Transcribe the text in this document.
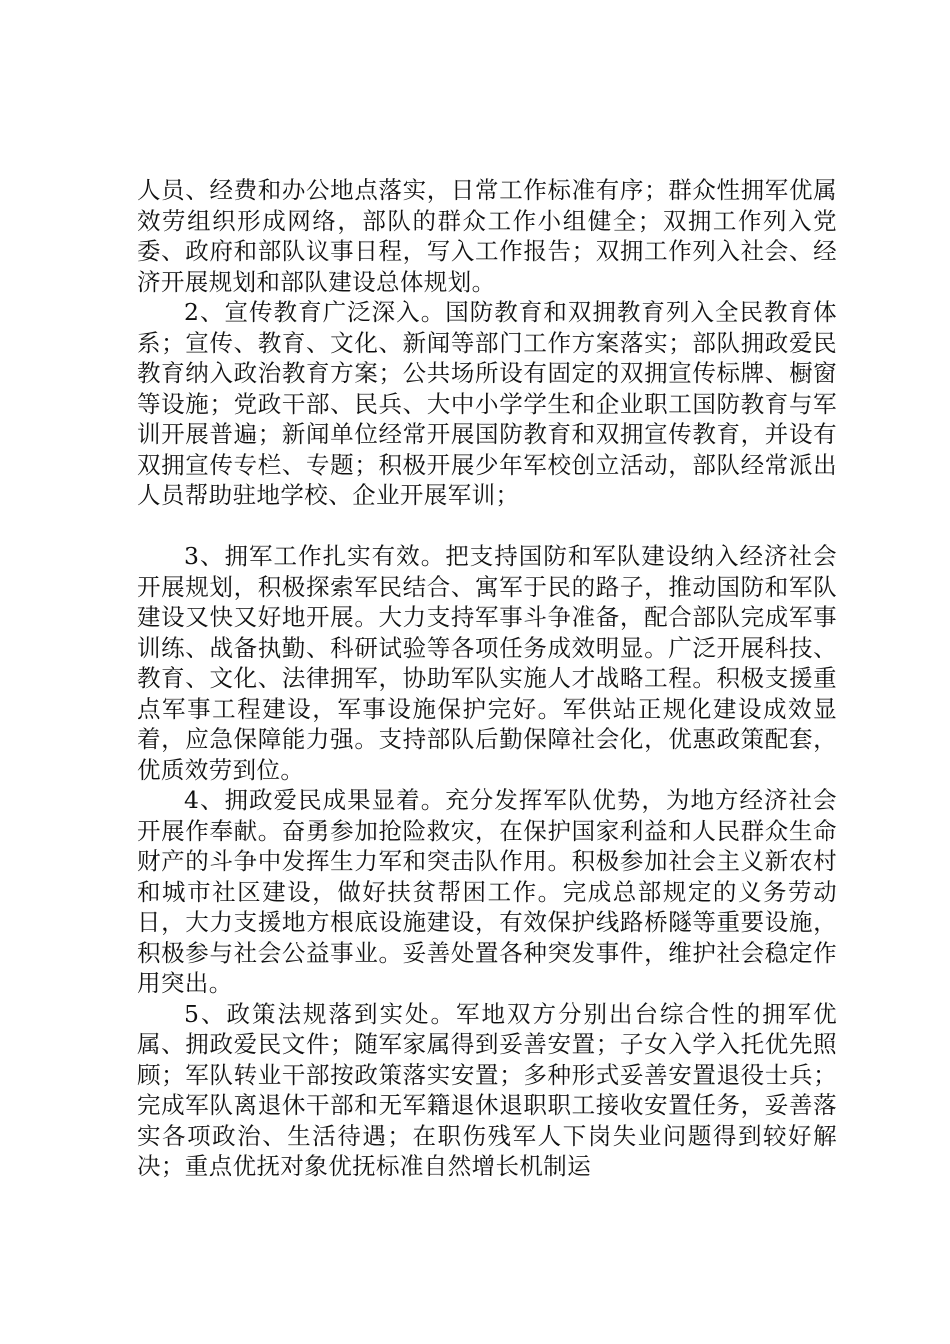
人员、经费和办公地点落实，日常工作标准有序；群众性拥军优属效劳组织形成网络，部队的群众工作小组健全；双拥工作列入党委、政府和部队议事日程，写入工作报告；双拥工作列入社会、经济开展规划和部队建设总体规划。

2、宣传教育广泛深入。国防教育和双拥教育列入全民教育体系；宣传、教育、文化、新闻等部门工作方案落实；部队拥政爱民教育纳入政治教育方案；公共场所设有固定的双拥宣传标牌、橱窗等设施；党政干部、民兵、大中小学学生和企业职工国防教育与军训开展普遍；新闻单位经常开展国防教育和双拥宣传教育，并设有双拥宣传专栏、专题；积极开展少年军校创立活动，部队经常派出人员帮助驻地学校、企业开展军训；

3、拥军工作扎实有效。把支持国防和军队建设纳入经济社会开展规划，积极探索军民结合、寓军于民的路子，推动国防和军队建设又快又好地开展。大力支持军事斗争准备，配合部队完成军事训练、战备执勤、科研试验等各项任务成效明显。广泛开展科技、教育、文化、法律拥军，协助军队实施人才战略工程。积极支援重点军事工程建设，军事设施保护完好。军供站正规化建设成效显着，应急保障能力强。支持部队后勤保障社会化，优惠政策配套，优质效劳到位。

4、拥政爱民成果显着。充分发挥军队优势，为地方经济社会开展作奉献。奋勇参加抢险救灾，在保护国家利益和人民群众生命财产的斗争中发挥生力军和突击队作用。积极参加社会主义新农村和城市社区建设，做好扶贫帮困工作。完成总部规定的义务劳动日，大力支援地方根底设施建设，有效保护线路桥隧等重要设施，积极参与社会公益事业。妥善处置各种突发事件，维护社会稳定作用突出。

5、政策法规落到实处。军地双方分别出台综合性的拥军优属、拥政爱民文件；随军家属得到妥善安置；子女入学入托优先照顾；军队转业干部按政策落实安置；多种形式妥善安置退役士兵；完成军队离退休干部和无军籍退休退职职工接收安置任务，妥善落实各项政治、生活待遇；在职伤残军人下岗失业问题得到较好解决；重点优抚对象优抚标准自然增长机制运
